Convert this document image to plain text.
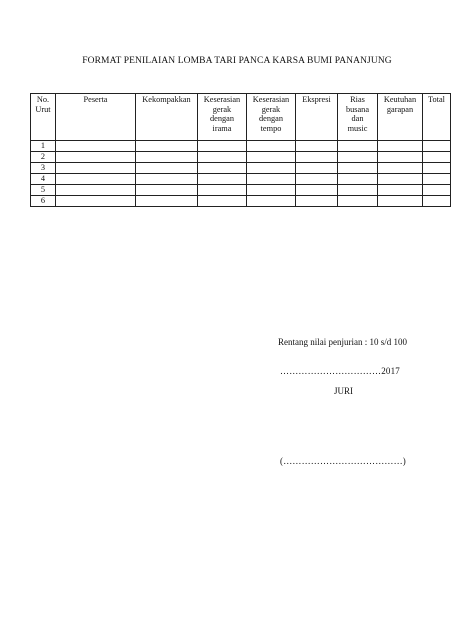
FORMAT PENILAIAN LOMBA TARI PANCA KARSA BUMI PANANJUNG
No.
Urut	Peserta	Kekompakkan	Keserasian
gerak
dengan
irama	Keserasian
gerak
dengan
tempo	Ekspresi	Rias
busana
dan
music	Keutuhan
garapan	Total

1								
2								
3								
4								
5								
6								
Rentang nilai penjurian : 10 s/d 100
……………………………2017
JURI
(…………………………………)
